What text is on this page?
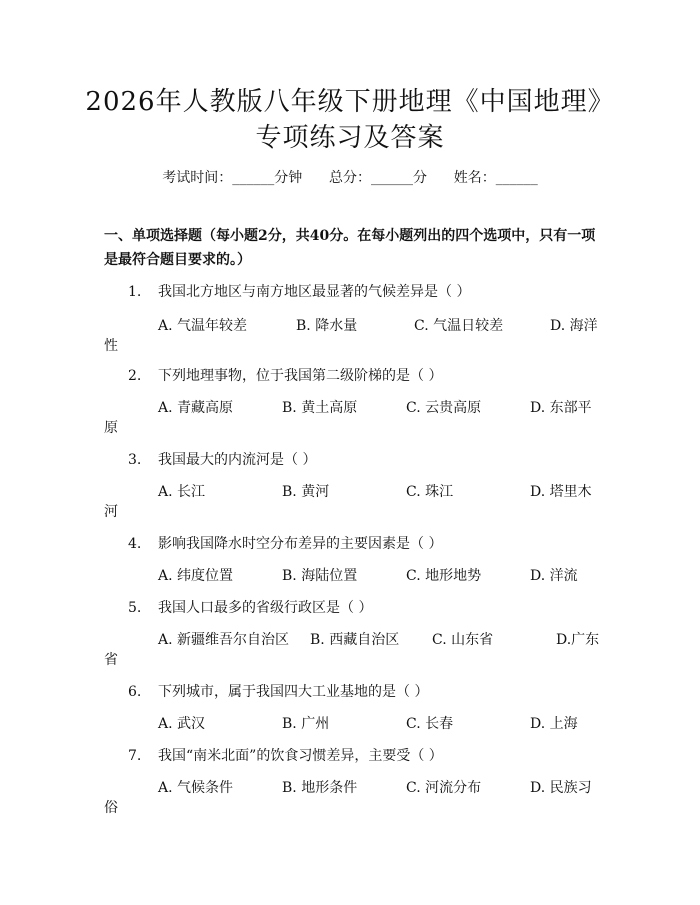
2026年人教版八年级下册地理《中国地理》
专项练习及答案
考试时间：______分钟      总分：______分      姓名：______
一、单项选择题（每小题2分，共40分。在每小题列出的四个选项中，只有一项是最符合题目要求的。）
1. 我国北方地区与南方地区最显著的气候差异是（ ）
A. 气温年较差	B. 降水量	C. 气温日较差	D. 海洋
性
2. 下列地理事物，位于我国第二级阶梯的是（ ）
A. 青藏高原	B. 黄土高原	C. 云贵高原	D. 东部平
原
3. 我国最大的内流河是（ ）
A. 长江	B. 黄河	C. 珠江	D. 塔里木
河
4. 影响我国降水时空分布差异的主要因素是（ ）
A. 纬度位置	B. 海陆位置	C. 地形地势	D. 洋流
5. 我国人口最多的省级行政区是（ ）
A. 新疆维吾尔自治区 B. 西藏自治区 C. 山东省	D.广东
省
6. 下列城市，属于我国四大工业基地的是（ ）
A. 武汉	B. 广州	C. 长春	D. 上海
7. 我国“南米北面”的饮食习惯差异，主要受（ ）
A. 气候条件	B. 地形条件	C. 河流分布	D. 民族习
俗
